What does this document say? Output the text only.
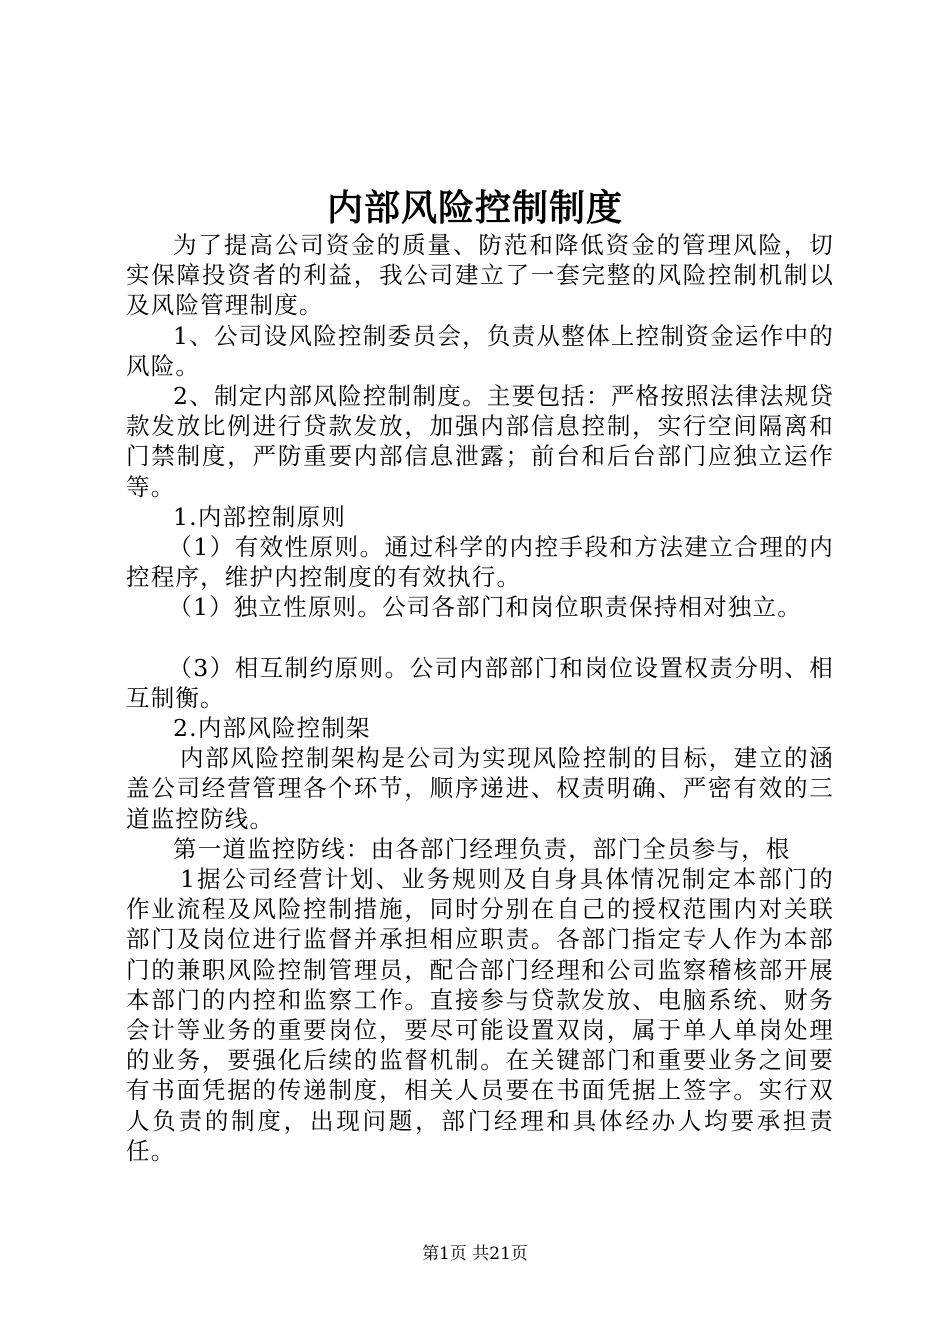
内部风险控制制度

为了提高公司资金的质量、防范和降低资金的管理风险，切实保障投资者的利益，我公司建立了一套完整的风险控制机制以及风险管理制度。

1、公司设风险控制委员会，负责从整体上控制资金运作中的风险。

2、制定内部风险控制制度。主要包括：严格按照法律法规贷款发放比例进行贷款发放，加强内部信息控制，实行空间隔离和门禁制度，严防重要内部信息泄露；前台和后台部门应独立运作等。

1.内部控制原则

（1）有效性原则。通过科学的内控手段和方法建立合理的内控程序，维护内控制度的有效执行。

（1）独立性原则。公司各部门和岗位职责保持相对独立。

（3）相互制约原则。公司内部部门和岗位设置权责分明、相互制衡。

2.内部风险控制架

内部风险控制架构是公司为实现风险控制的目标，建立的涵盖公司经营管理各个环节，顺序递进、权责明确、严密有效的三道监控防线。

第一道监控防线：由各部门经理负责，部门全员参与，根

1据公司经营计划、业务规则及自身具体情况制定本部门的作业流程及风险控制措施，同时分别在自己的授权范围内对关联部门及岗位进行监督并承担相应职责。各部门指定专人作为本部门的兼职风险控制管理员，配合部门经理和公司监察稽核部开展本部门的内控和监察工作。直接参与贷款发放、电脑系统、财务会计等业务的重要岗位，要尽可能设置双岗，属于单人单岗处理的业务，要强化后续的监督机制。在关键部门和重要业务之间要有书面凭据的传递制度，相关人员要在书面凭据上签字。实行双人负责的制度，出现问题，部门经理和具体经办人均要承担责任。

第1页 共21页
